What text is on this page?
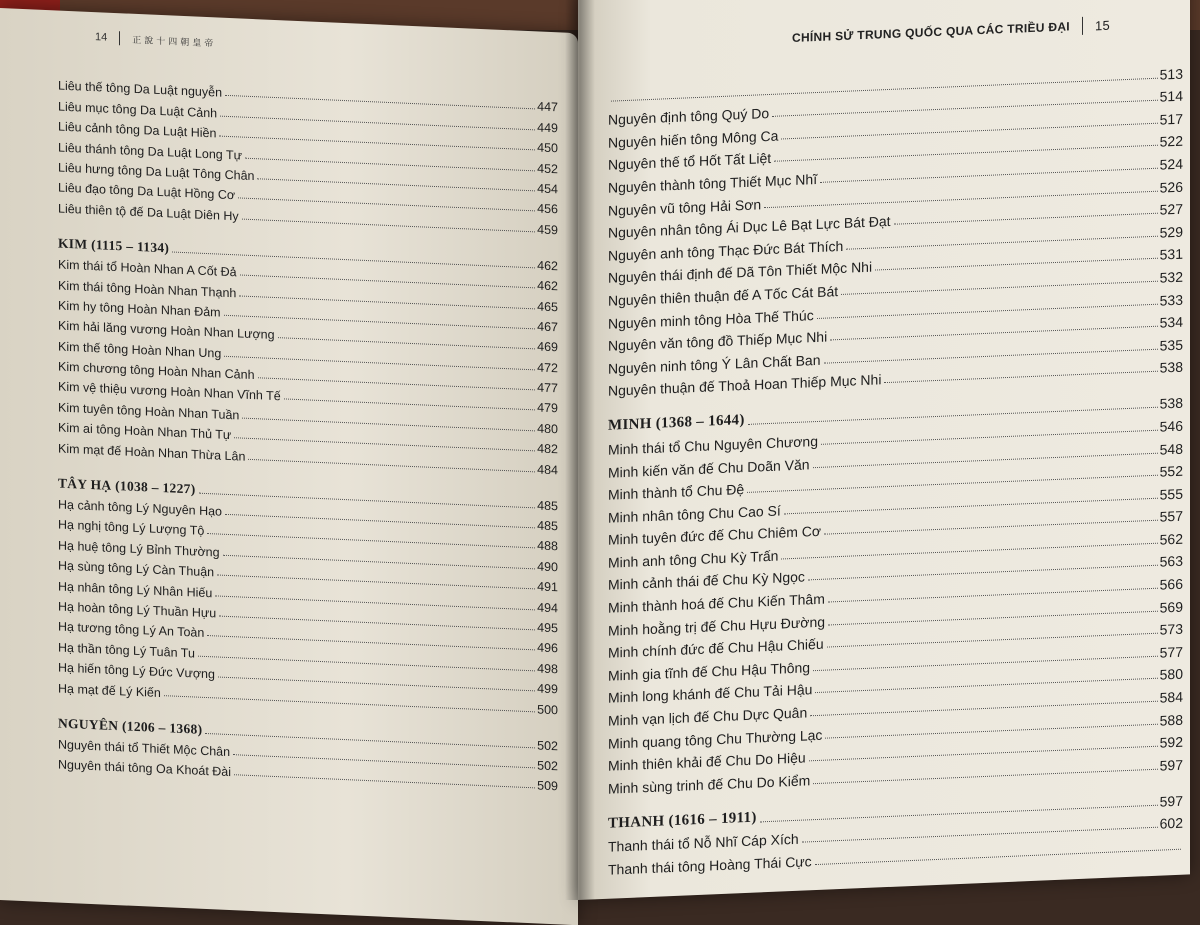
14	正說十四朝皇帝
Liêu thế tông Da Luật nguyễn
447
Liêu mục tông Da Luật Cảnh
449
Liêu cảnh tông Da Luật Hiền
450
Liêu thánh tông Da Luật Long Tự
452
Liêu hưng tông Da Luật Tông Chân
454
Liêu đạo tông Da Luật Hồng Cơ
456
Liêu thiên tộ đế Da Luật Diên Hy
459
KIM (1115 – 1134)
462
Kim thái tổ Hoàn Nhan A Cốt Đả
462
Kim thái tông Hoàn Nhan Thạnh
465
Kim hy tông Hoàn Nhan Đảm
467
Kim hải lăng vương Hoàn Nhan Lượng
469
Kim thế tông Hoàn Nhan Ung
472
Kim chương tông Hoàn Nhan Cảnh
477
Kim vệ thiệu vương Hoàn Nhan Vĩnh Tế
479
Kim tuyên tông Hoàn Nhan Tuần
480
Kim ai tông Hoàn Nhan Thủ Tự
482
Kim mạt đế Hoàn Nhan Thừa Lân
484
TÂY HẠ (1038 – 1227)
485
Hạ cảnh tông Lý Nguyên Hạo
485
Hạ nghị tông Lý Lượng Tộ
488
Hạ huệ tông Lý Bỉnh Thường
490
Hạ sùng tông Lý Càn Thuận
491
Hạ nhân tông Lý Nhân Hiếu
494
Hạ hoàn tông Lý Thuần Hựu
495
Hạ tương tông Lý An Toàn
496
Hạ thần tông Lý Tuân Tu
498
Hạ hiến tông Lý Đức Vượng
499
Hạ mạt đế Lý Kiến
500
NGUYÊN (1206 – 1368)
502
Nguyên thái tổ Thiết Mộc Chân
502
Nguyên thái tông Oa Khoát Đài
509
CHÍNH SỬ TRUNG QUỐC QUA CÁC TRIỀU ĐẠI 15
513
Nguyên định tông Quý Do
514
Nguyên hiến tông Mông Ca
517
Nguyên thế tổ Hốt Tất Liệt
522
Nguyên thành tông Thiết Mục Nhĩ
524
Nguyên vũ tông Hải Sơn
526
Nguyên nhân tông Ái Dục Lê Bạt Lực Bát Đạt
527
Nguyên anh tông Thạc Đức Bát Thích
529
Nguyên thái định đế Dã Tôn Thiết Mộc Nhi
531
Nguyên thiên thuận đế A Tốc Cát Bát
532
Nguyên minh tông Hòa Thế Thúc
533
Nguyên văn tông đồ Thiếp Mục Nhi
534
Nguyên ninh tông Ý Lân Chất Ban
535
Nguyên thuận đế Thoả Hoan Thiếp Mục Nhi
538
MINH (1368 – 1644)
538
Minh thái tổ Chu Nguyên Chương
546
Minh kiến văn đế Chu Doãn Văn
548
Minh thành tổ Chu Đệ
552
Minh nhân tông Chu Cao Sí
555
Minh tuyên đức đế Chu Chiêm Cơ
557
Minh anh tông Chu Kỳ Trấn
562
Minh cảnh thái đế Chu Kỳ Ngọc
563
Minh thành hoá đế Chu Kiến Thâm
566
Minh hoằng trị đế Chu Hựu Đường
569
Minh chính đức đế Chu Hậu Chiếu
573
Minh gia tĩnh đế Chu Hậu Thông
577
Minh long khánh đế Chu Tải Hậu
580
Minh vạn lịch đế Chu Dực Quân
584
Minh quang tông Chu Thường Lạc
588
Minh thiên khải đế Chu Do Hiệu
592
Minh sùng trinh đế Chu Do Kiểm
597
THANH (1616 – 1911)
597
Thanh thái tổ Nỗ Nhĩ Cáp Xích
602
Thanh thái tông Hoàng Thái Cực
